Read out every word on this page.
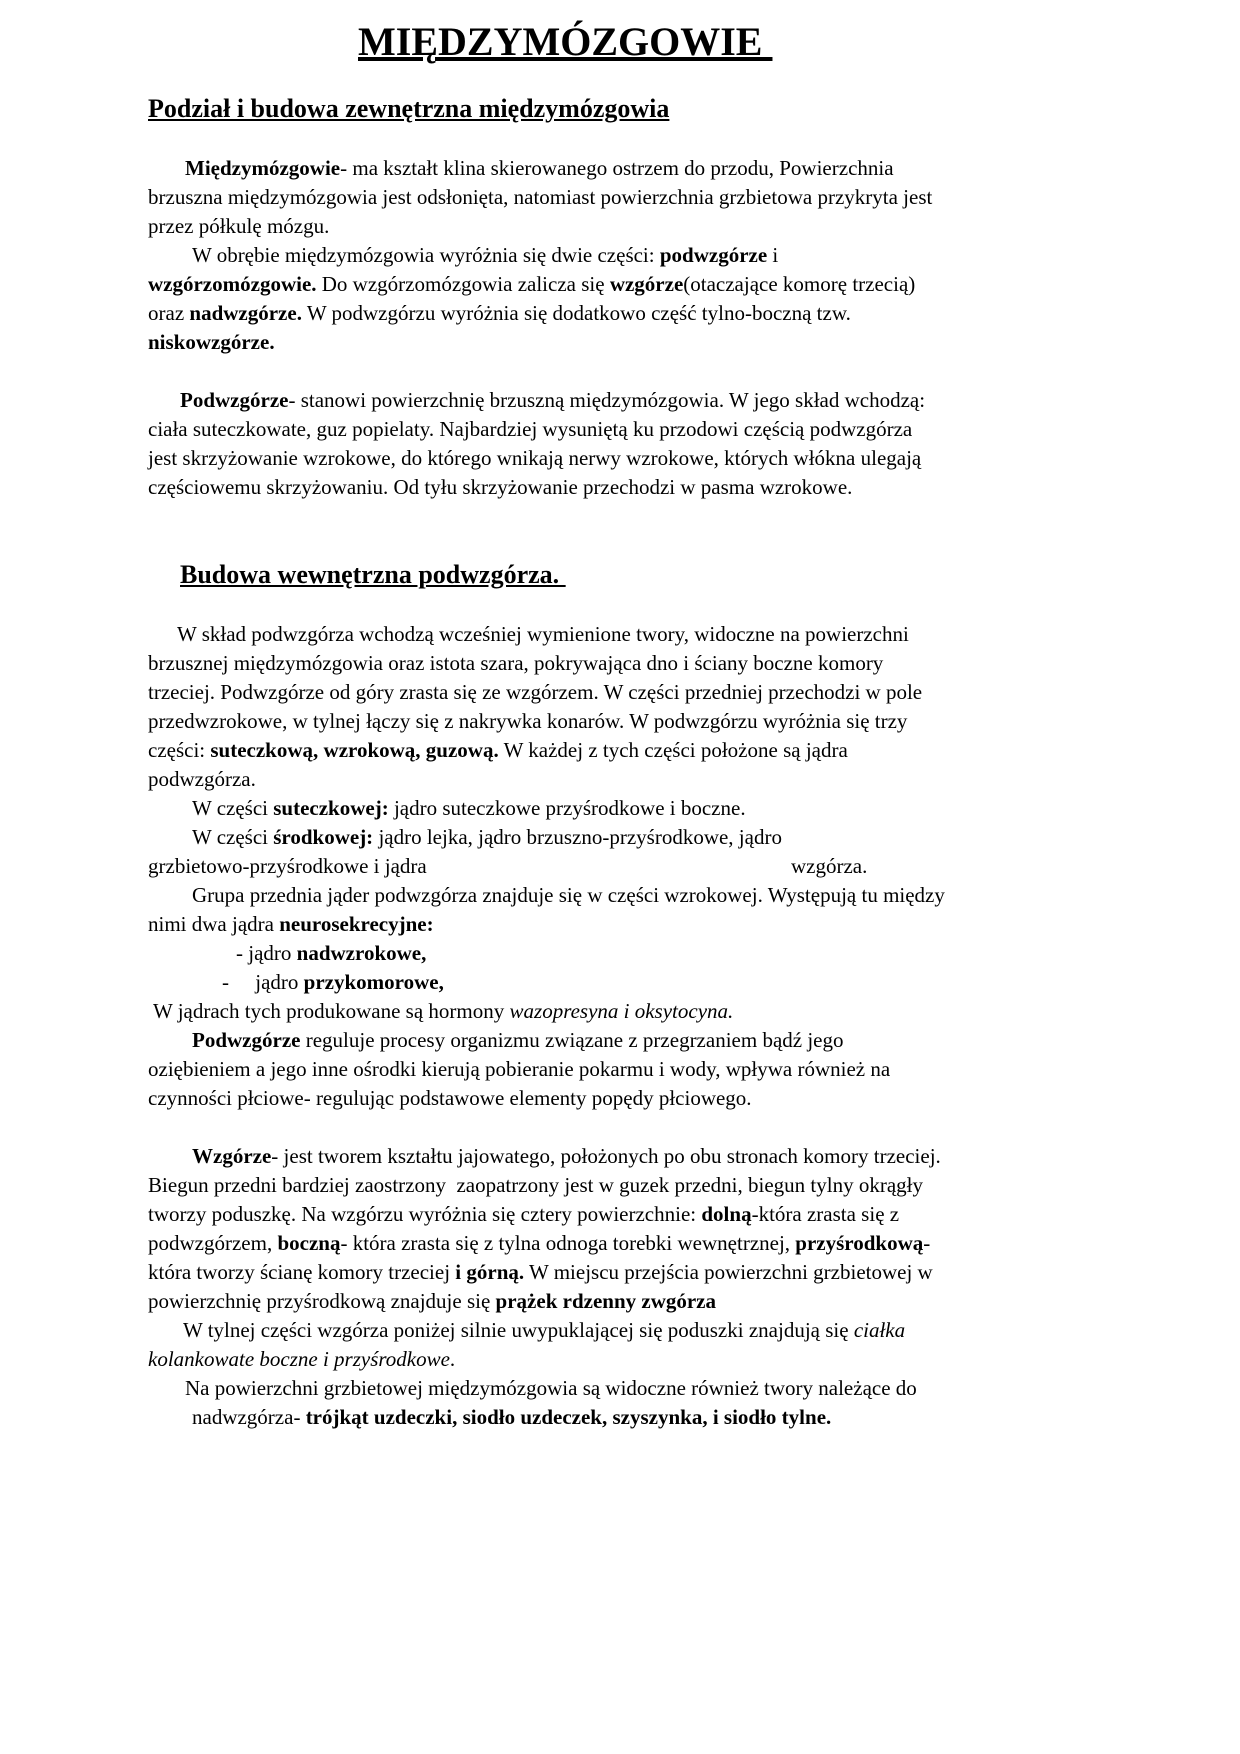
MIĘDZYMÓZGOWIE
Podział i budowa zewnętrzna międzymózgowia
Międzymózgowie- ma kształt klina skierowanego ostrzem do przodu, Powierzchnia
brzuszna międzymózgowia jest odsłonięta, natomiast powierzchnia grzbietowa przykryta jest
przez półkulę mózgu.
W obrębie międzymózgowia wyróżnia się dwie części: podwzgórze i
wzgórzomózgowie. Do wzgórzomózgowia zalicza się wzgórze(otaczające komorę trzecią)
oraz nadwzgórze. W podwzgórzu wyróżnia się dodatkowo część tylno-boczną tzw.
niskowzgórze.
Podwzgórze- stanowi powierzchnię brzuszną międzymózgowia. W jego skład wchodzą:
ciała suteczkowate, guz popielaty. Najbardziej wysuniętą ku przodowi częścią podwzgórza
jest skrzyżowanie wzrokowe, do którego wnikają nerwy wzrokowe, których włókna ulegają
częściowemu skrzyżowaniu. Od tyłu skrzyżowanie przechodzi w pasma wzrokowe.
Budowa wewnętrzna podwzgórza.
W skład podwzgórza wchodzą wcześniej wymienione twory, widoczne na powierzchni
brzusznej międzymózgowia oraz istota szara, pokrywająca dno i ściany boczne komory
trzeciej. Podwzgórze od góry zrasta się ze wzgórzem. W części przedniej przechodzi w pole
przedwzrokowe, w tylnej łączy się z nakrywka konarów. W podwzgórzu wyróżnia się trzy
części: suteczkową, wzrokową, guzową. W każdej z tych części położone są jądra
podwzgórza.
W części suteczkowej: jądro suteczkowe przyśrodkowe i boczne.
W części środkowej: jądro lejka, jądro brzuszno-przyśrodkowe, jądro
grzbietowo-przyśrodkowe i jądra	wzgórza.
Grupa przednia jąder podwzgórza znajduje się w części wzrokowej. Występują tu między
nimi dwa jądra neurosekrecyjne:
- jądro nadwzrokowe,
-     jądro przykomorowe,
W jądrach tych produkowane są hormony wazopresyna i oksytocyna.
Podwzgórze reguluje procesy organizmu związane z przegrzaniem bądź jego
oziębieniem a jego inne ośrodki kierują pobieranie pokarmu i wody, wpływa również na
czynności płciowe- regulując podstawowe elementy popędy płciowego.
Wzgórze- jest tworem kształtu jajowatego, położonych po obu stronach komory trzeciej.
Biegun przedni bardziej zaostrzony  zaopatrzony jest w guzek przedni, biegun tylny okrągły
tworzy poduszkę. Na wzgórzu wyróżnia się cztery powierzchnie: dolną-która zrasta się z
podwzgórzem, boczną- która zrasta się z tylna odnoga torebki wewnętrznej, przyśrodkową-
która tworzy ścianę komory trzeciej i górną. W miejscu przejścia powierzchni grzbietowej w
powierzchnię przyśrodkową znajduje się prążek rdzenny zwgórza
W tylnej części wzgórza poniżej silnie uwypuklającej się poduszki znajdują się ciałka
kolankowate boczne i przyśrodkowe.
Na powierzchni grzbietowej międzymózgowia są widoczne również twory należące do
nadwzgórza- trójkąt uzdeczki, siodło uzdeczek, szyszynka, i siodło tylne.
